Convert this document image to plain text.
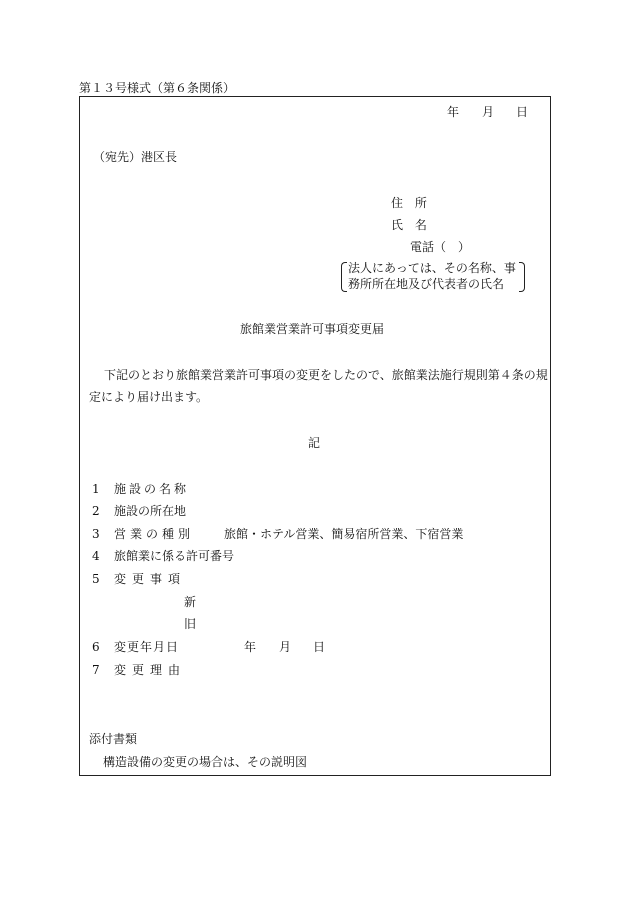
第１３号様式（第６条関係）
年 月 日
（宛先）港区長
住 所
氏 名
電話（　）
法人にあっては、その名称、事
務所所在地及び代表者の氏名
旅館業営業許可事項変更届
下記のとおり旅館業営業許可事項の変更をしたので、旅館業法施行規則第４条の規
定により届け出ます。
記
1 施設の名称
2 施設の所在地
3 営業の種別 旅館・ホテル営業、簡易宿所営業、下宿営業
4 旅館業に係る許可番号
5 変更事項
新
旧
6 変更年月日	年 月 日
7 変更理由
添付書類
構造設備の変更の場合は、その説明図
